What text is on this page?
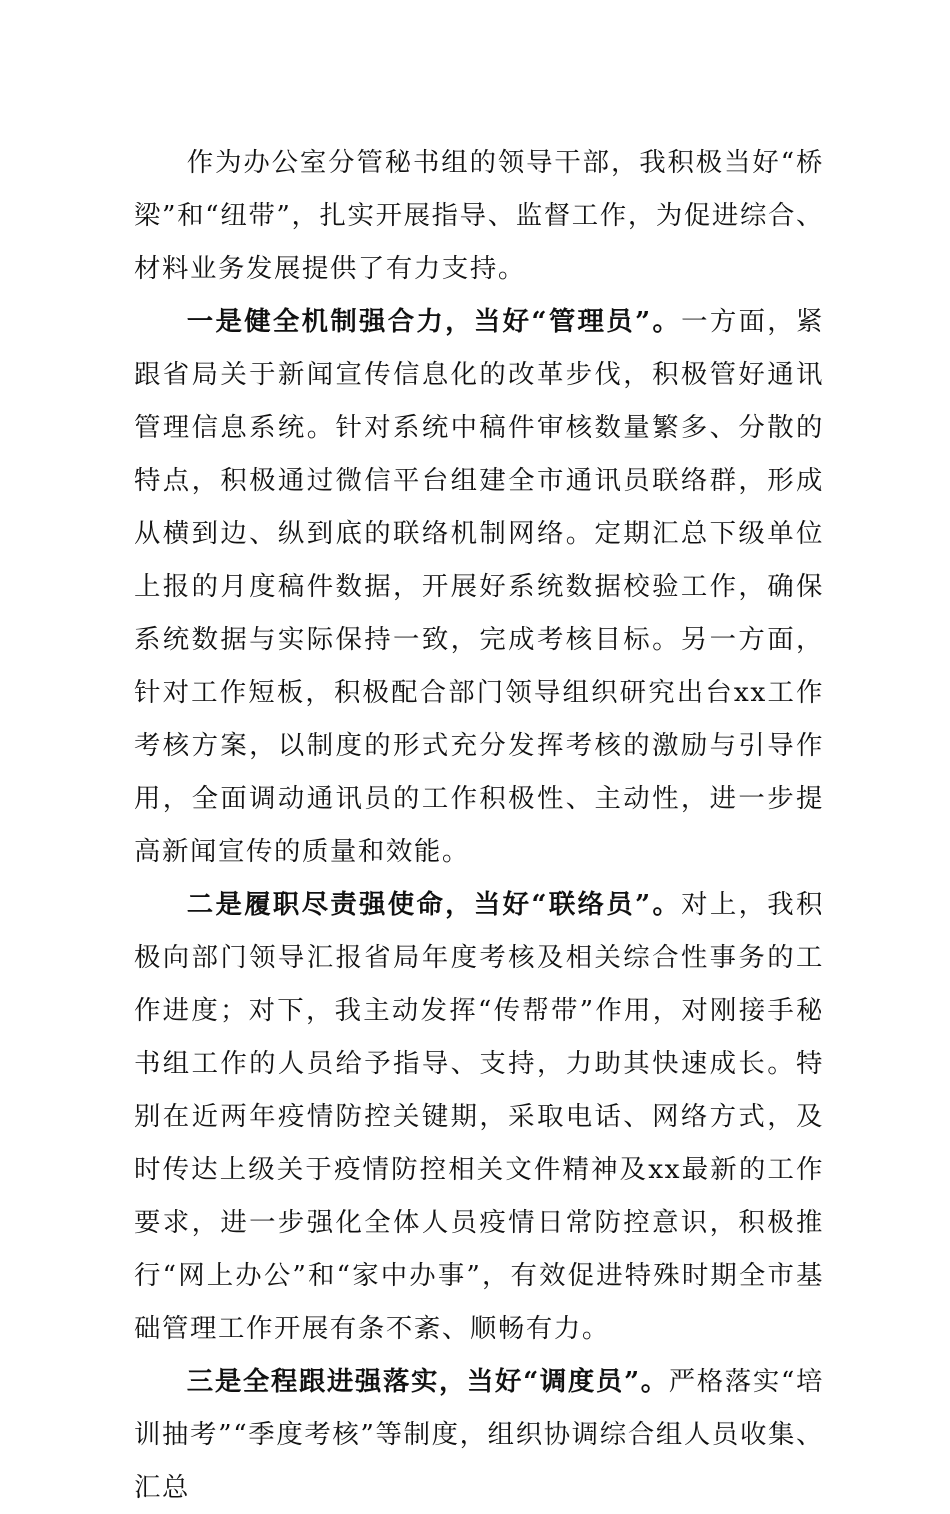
作为办公室分管秘书组的领导干部，我积极当好“桥梁”和“纽带”，扎实开展指导、监督工作，为促进综合、材料业务发展提供了有力支持。

一是健全机制强合力，当好“管理员”。一方面，紧跟省局关于新闻宣传信息化的改革步伐，积极管好通讯管理信息系统。针对系统中稿件审核数量繁多、分散的特点，积极通过微信平台组建全市通讯员联络群，形成从横到边、纵到底的联络机制网络。定期汇总下级单位上报的月度稿件数据，开展好系统数据校验工作，确保系统数据与实际保持一致，完成考核目标。另一方面，针对工作短板，积极配合部门领导组织研究出台xx工作考核方案，以制度的形式充分发挥考核的激励与引导作用，全面调动通讯员的工作积极性、主动性，进一步提高新闻宣传的质量和效能。

二是履职尽责强使命，当好“联络员”。对上，我积极向部门领导汇报省局年度考核及相关综合性事务的工作进度；对下，我主动发挥“传帮带”作用，对刚接手秘书组工作的人员给予指导、支持，力助其快速成长。特别在近两年疫情防控关键期，采取电话、网络方式，及时传达上级关于疫情防控相关文件精神及xx最新的工作要求，进一步强化全体人员疫情日常防控意识，积极推行“网上办公”和“家中办事”，有效促进特殊时期全市基础管理工作开展有条不紊、顺畅有力。

三是全程跟进强落实，当好“调度员”。严格落实“培训抽考”“季度考核”等制度，组织协调综合组人员收集、汇总
